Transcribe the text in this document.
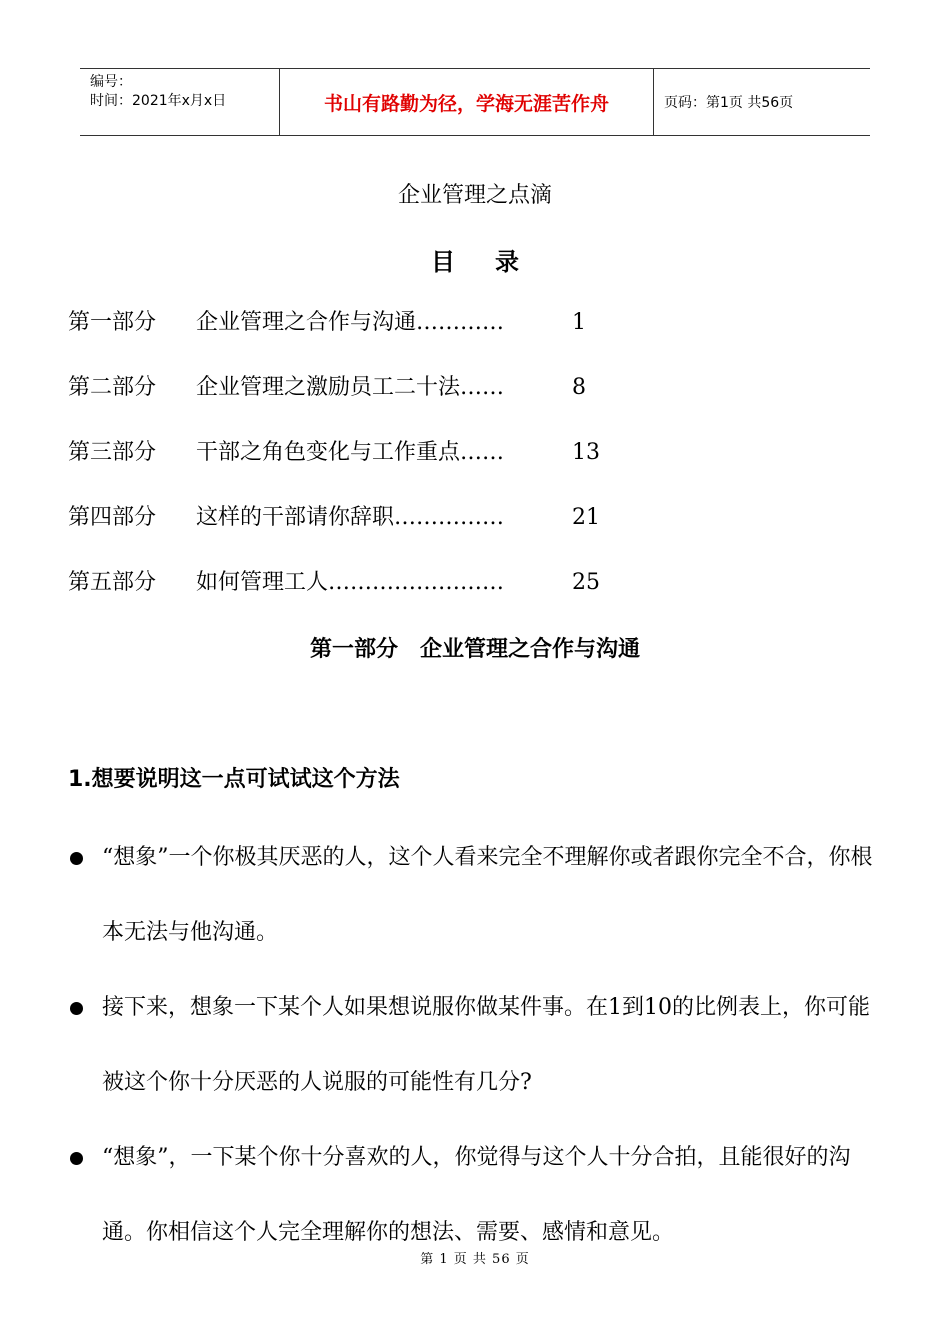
编号：
时间：2021年x月x日	书山有路勤为径，学海无涯苦作舟	页码：第1页 共56页
企业管理之点滴
目录
第一部分	企业管理之合作与沟通…………	1
第二部分	企业管理之激励员工二十法……	8
第三部分	干部之角色变化与工作重点……	13
第四部分	这样的干部请你辞职……………	21
第五部分	如何管理工人……………………	25
第一部分　企业管理之合作与沟通
1.想要说明这一点可试试这个方法
“想象”一个你极其厌恶的人，这个人看来完全不理解你或者跟你完全不合，你根本无法与他沟通。
接下来，想象一下某个人如果想说服你做某件事。在1到10的比例表上，你可能被这个你十分厌恶的人说服的可能性有几分?
“想象”，一下某个你十分喜欢的人，你觉得与这个人十分合拍，且能很好的沟通。你相信这个人完全理解你的想法、需要、感情和意见。
第 1 页 共 56 页
